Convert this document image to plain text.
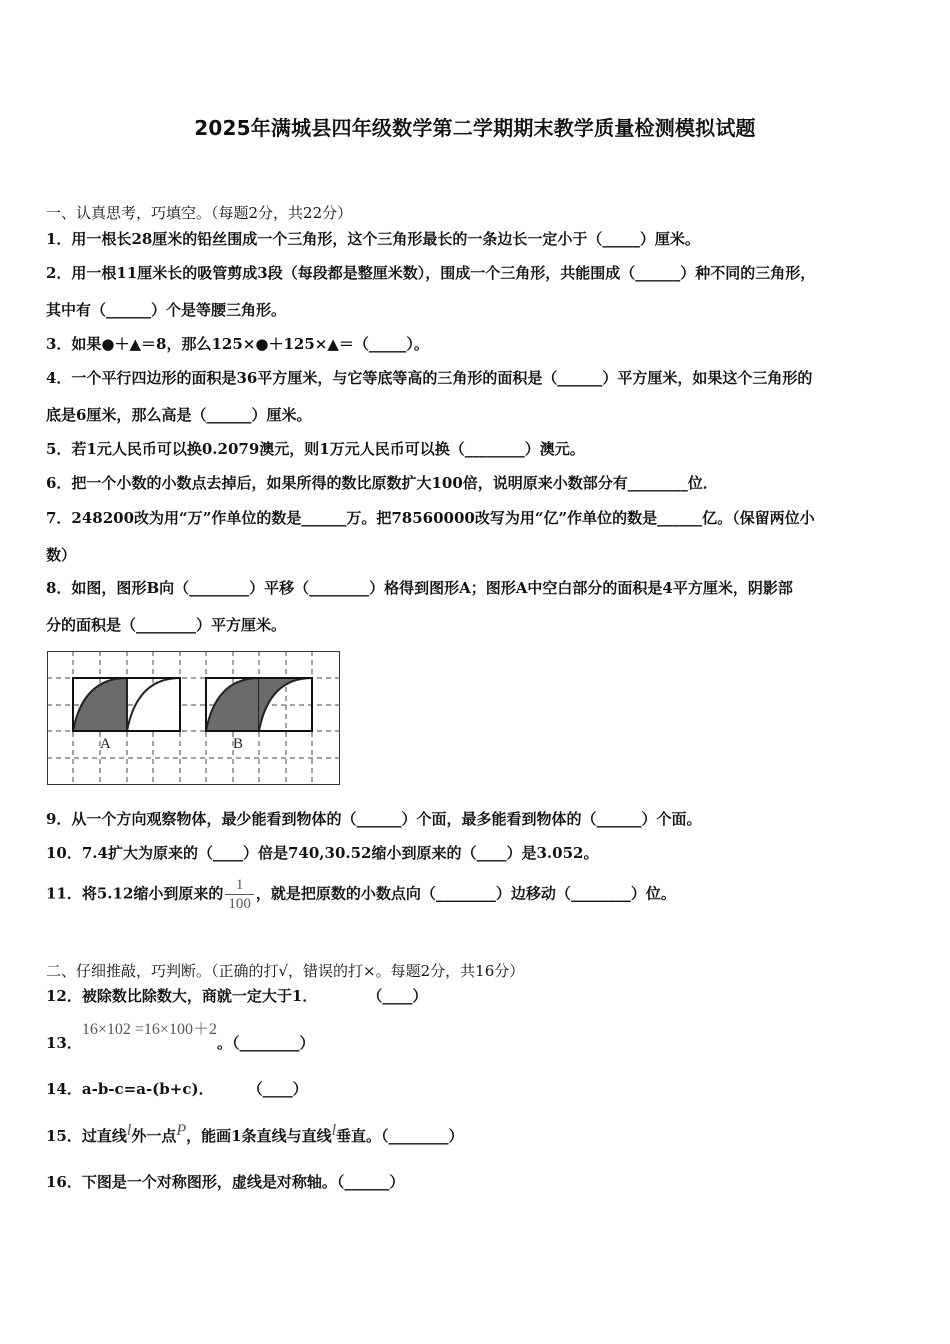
2025年满城县四年级数学第二学期期末教学质量检测模拟试题
一、认真思考，巧填空。（每题2分，共22分）
1．用一根长28厘米的铅丝围成一个三角形，这个三角形最长的一条边长一定小于（_____）厘米。
2．用一根11厘米长的吸管剪成3段（每段都是整厘米数），围成一个三角形，共能围成（______）种不同的三角形，
其中有（______）个是等腰三角形。
3．如果●＋▲＝8，那么125×●＋125×▲＝（_____）。
4．一个平行四边形的面积是36平方厘米，与它等底等高的三角形的面积是（______）平方厘米，如果这个三角形的
底是6厘米，那么高是（______）厘米。
5．若1元人民币可以换0.2079澳元，则1万元人民币可以换（________）澳元。
6．把一个小数的小数点去掉后，如果所得的数比原数扩大100倍，说明原来小数部分有________位．
7．248200改为用“万”作单位的数是______万。把78560000改写为用“亿”作单位的数是______亿。（保留两位小
数）
8．如图，图形B向（________）平移（________）格得到图形A；图形A中空白部分的面积是4平方厘米，阴影部
分的面积是（________）平方厘米。
A	B
9．从一个方向观察物体，最少能看到物体的（______）个面，最多能看到物体的（______）个面。
10．7.4扩大为原来的（____）倍是740,30.52缩小到原来的（____）是3.052。
11．将5.12缩小到原来的 $\frac{1}{100}$ ，就是把原数的小数点向（________）边移动（________）位。
二、仔细推敲，巧判断。（正确的打√，错误的打×。每题2分，共16分）
12．被除数比除数大，商就一定大于1．	（____）
13．16×102 =16×100＋2。（________）
14．a-b-c=a-(b+c)． （____）
15．过直线$^l$外一点$^P$，能画1条直线与直线$^l$垂直。（________）
16．下图是一个对称图形，虚线是对称轴。（______）
